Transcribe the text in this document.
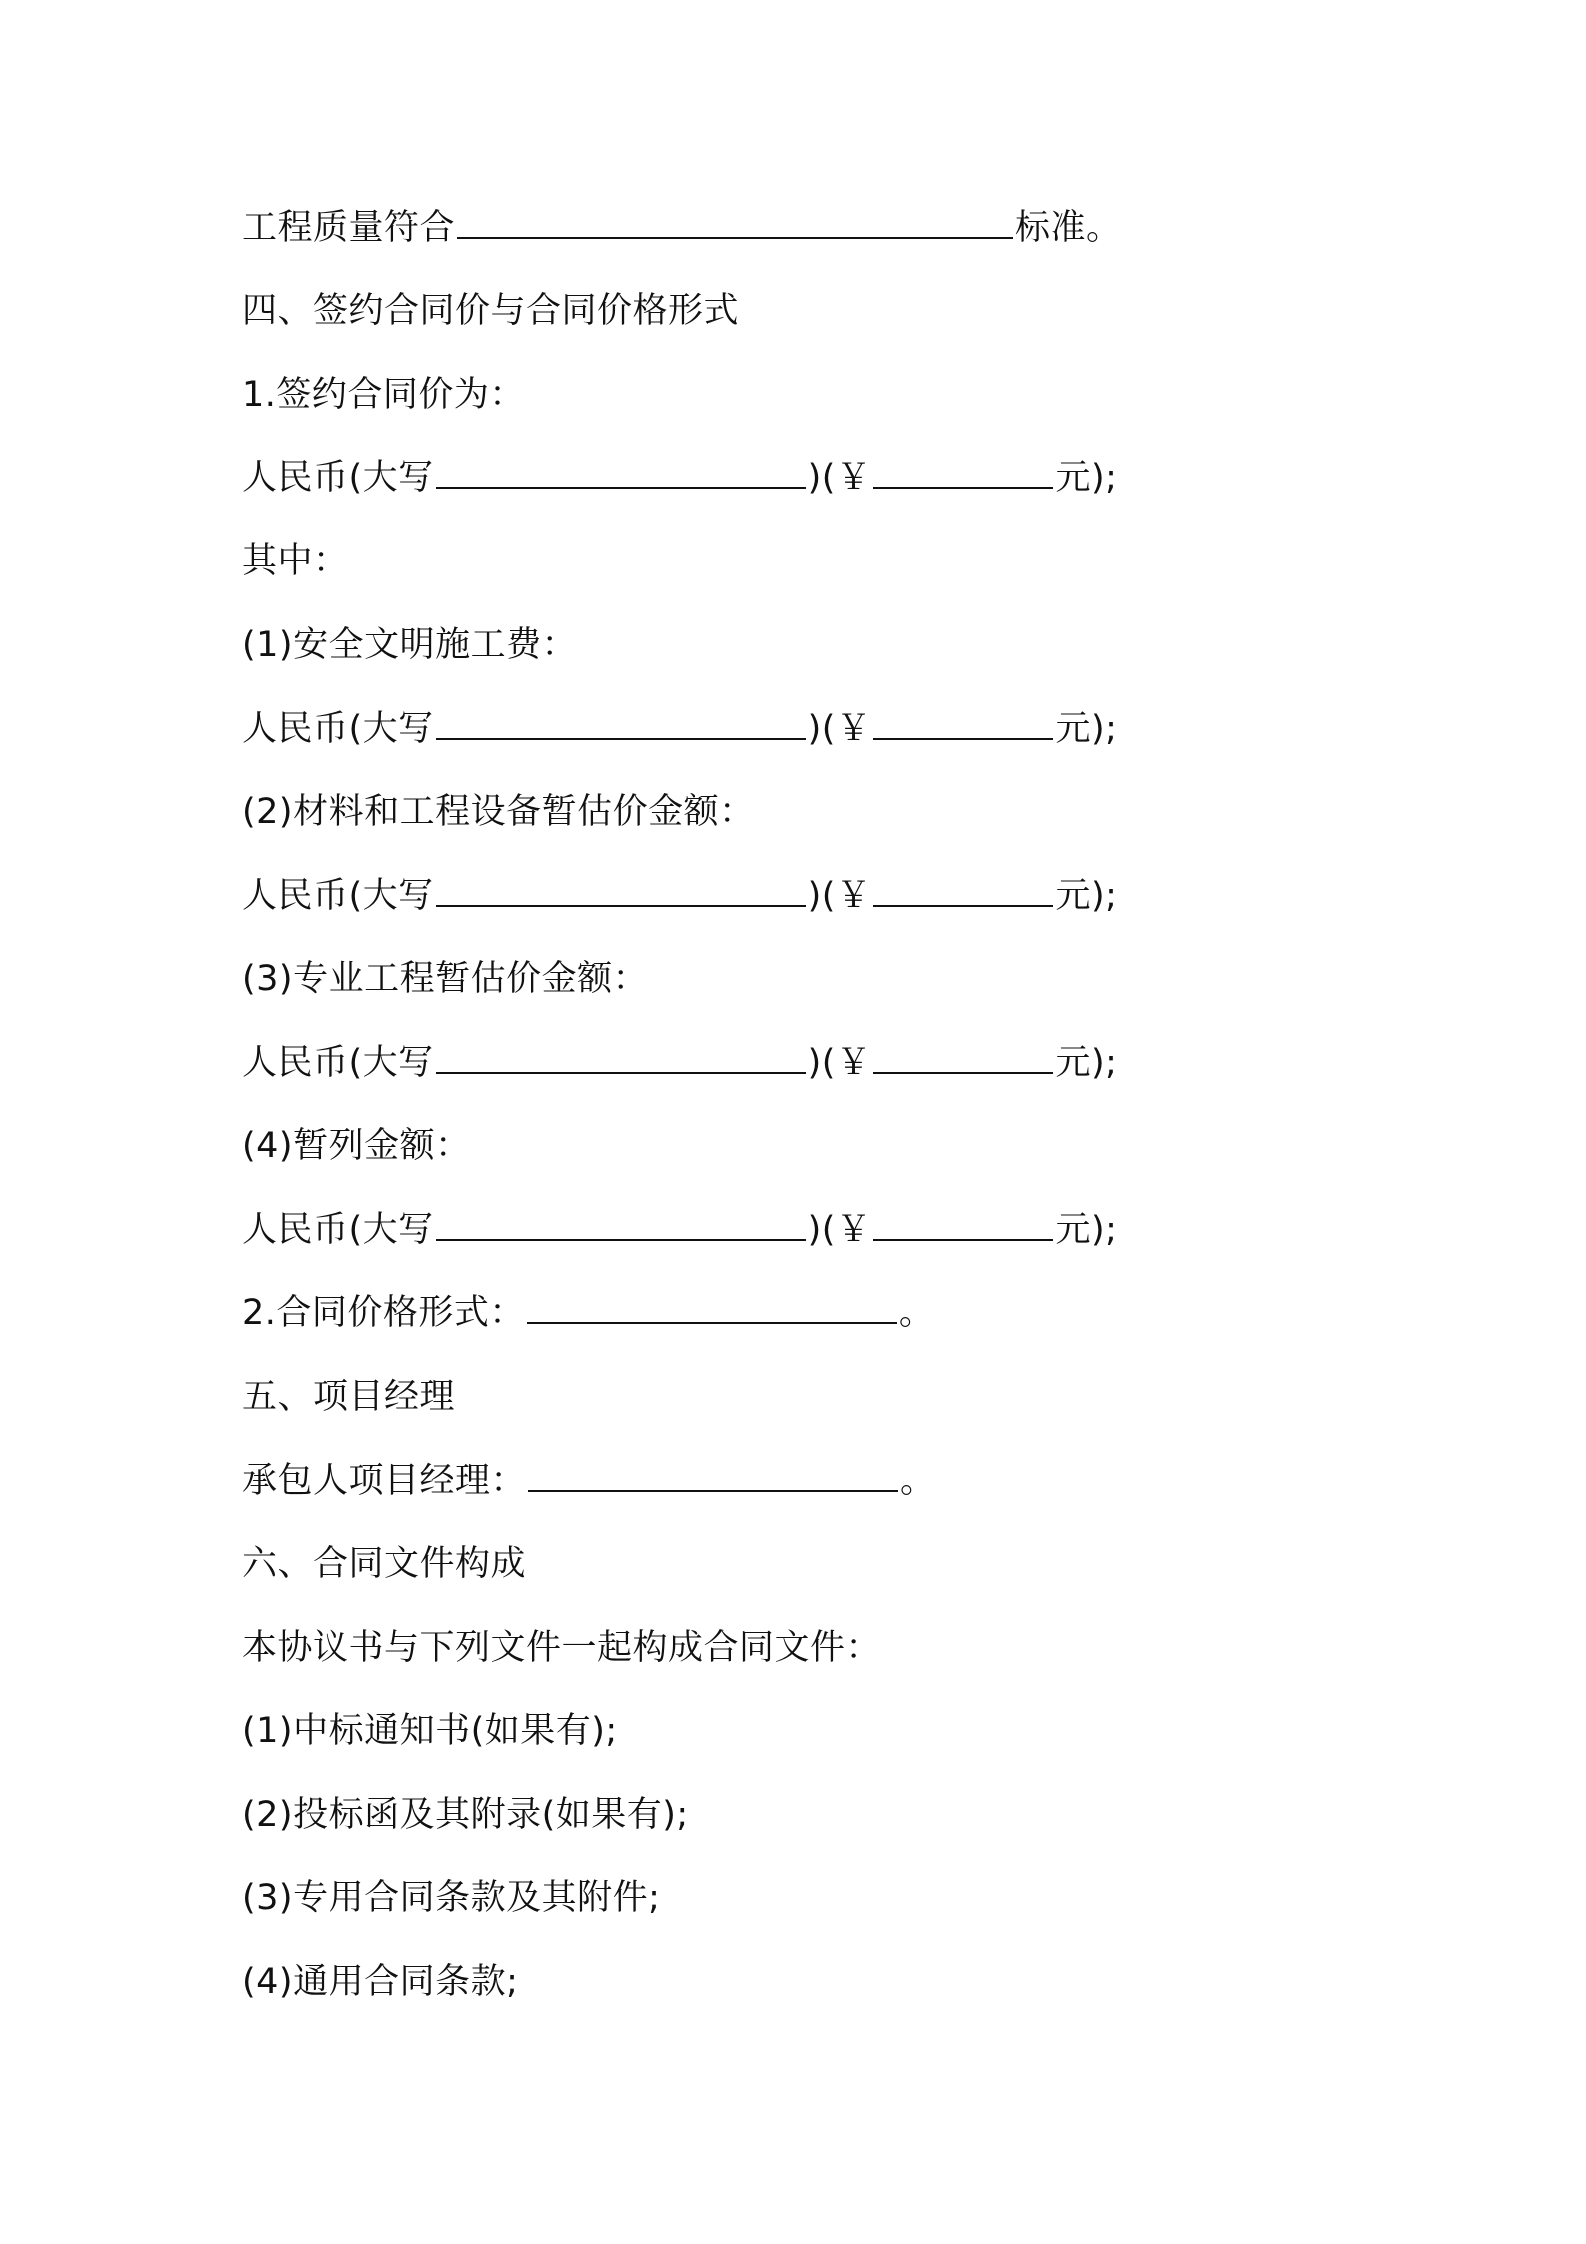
工程质量符合	标准。
四、签约合同价与合同价格形式
1.签约合同价为：
人民币(大写	)(￥	元);
其中：
(1)安全文明施工费：
人民币(大写	)(￥	元);
(2)材料和工程设备暂估价金额：
人民币(大写	)(￥	元);
(3)专业工程暂估价金额：
人民币(大写	)(￥	元);
(4)暂列金额：
人民币(大写	)(￥	元);
2.合同价格形式：	。
五、项目经理
承包人项目经理：	。
六、合同文件构成
本协议书与下列文件一起构成合同文件：
(1)中标通知书(如果有);
(2)投标函及其附录(如果有);
(3)专用合同条款及其附件;
(4)通用合同条款;
